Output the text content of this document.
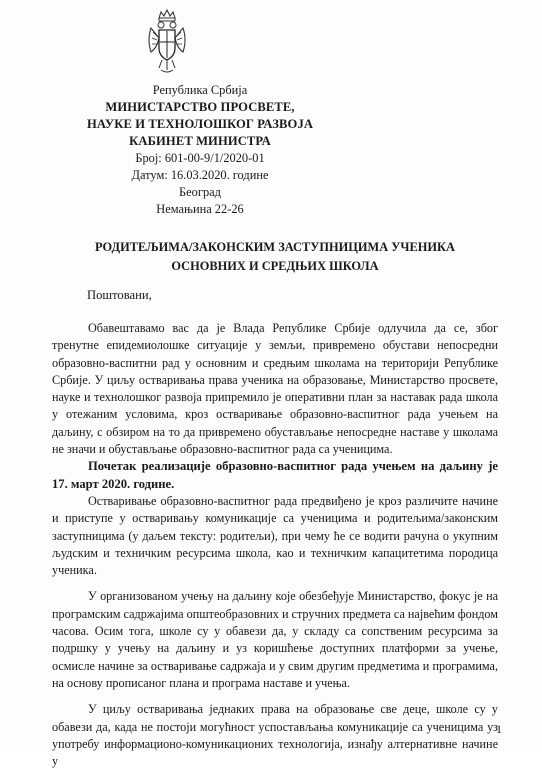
Република Србија
МИНИСТАРСТВО ПРОСВЕТЕ,
НАУКЕ И ТЕХНОЛОШКОГ РАЗВОЈА
КАБИНЕТ МИНИСТРА
Број: 601-00-9/1/2020-01
Датум: 16.03.2020. године
Београд
Немањина 22-26
РОДИТЕЉИМА/ЗАКОНСКИМ ЗАСТУПНИЦИМА УЧЕНИКА
ОСНОВНИХ И СРЕДЊИХ ШКОЛА
Поштовани,

Обавештавамо вас да је Влада Републике Србије одлучила да се, због тренутне епидемиолошке ситуације у земљи, привремено обустави непосредни образовно-васпитни рад у основним и средњим школама на територији Републике Србије. У циљу остваривања права ученика на образовање, Министарство просвете, науке и технолошког развоја припремило је оперативни план за наставак рада школа у отежаним условима, кроз остваривање образовно-васпитног рада учењем на даљину, с обзиром на то да привремено обустављање непосредне наставе у школама не значи и обустављање образовно-васпитног рада са ученицима.

Почетак реализације образовно-васпитног рада учењем на даљину је 17. март 2020. године.

Остваривање образовно-васпитног рада предвиђено је кроз различите начине и приступе у остваривању комуникације са ученицима и родитељима/законским заступницима (у даљем тексту: родитељи), при чему ће се водити рачуна о укупним људским и техничким ресурсима школа, као и техничким капацитетима породица ученика.

У организованом учењу на даљину које обезбеђује Министарство, фокус је на програмским садржајима општеобразовних и стручних предмета са највећим фондом часова. Осим тога, школе су у обавези да, у складу са сопственим ресурсима за подршку у учењу на даљину и уз коришћење доступних платформи за учење, осмисле начине за остваривање садржаја и у свим другим предметима и програмима, на основу прописаног плана и програма наставе и учења.

У циљу остваривања једнаких права на образовање све деце, школе су у обавези да, када не постоји могућност успостављања комуникације са ученицима уз употребу информационо-комуникационих технологија, изнађу алтернативне начине у

1
